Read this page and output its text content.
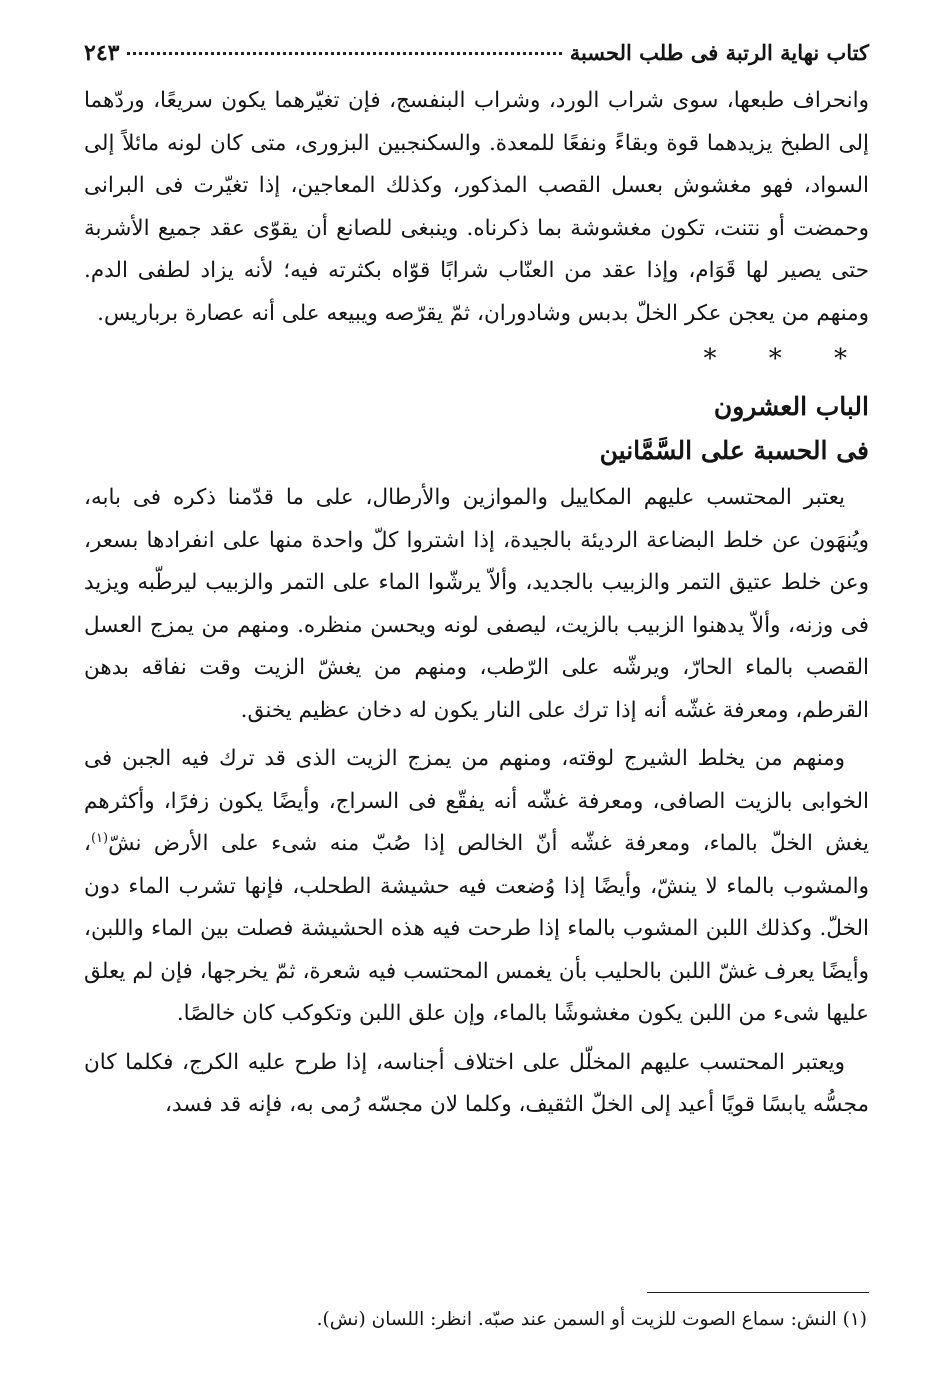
كتاب نهاية الرتبة فى طلب الحسبة
٢٤٣

وانحراف طبعها، سوى شراب الورد، وشراب البنفسج، فإن تغيّرهما يكون سريعًا، وردّهما إلى الطبخ يزيدهما قوة وبقاءً ونفعًا للمعدة. والسكنجبين البزورى، متى كان لونه مائلاً إلى السواد، فهو مغشوش بعسل القصب المذكور، وكذلك المعاجين، إذا تغيّرت فى البرانى وحمضت أو نتنت، تكون مغشوشة بما ذكرناه. وينبغى للصانع أن يقوّى عقد جميع الأشربة حتى يصير لها قَوَام، وإذا عقد من العنّاب شرابًا قوّاه بكثرته فيه؛ لأنه يزاد لطفى الدم. ومنهم من يعجن عكر الخلّ بدبس وشادوران، ثمّ يقرّصه ويبيعه على أنه عصارة برباريس.

* * *
الباب العشرون
فى الحسبة على السَّمَّانين

يعتبر المحتسب عليهم المكاييل والموازين والأرطال، على ما قدّمنا ذكره فى بابه، ويُنهَون عن خلط البضاعة الرديئة بالجيدة، إذا اشتروا كلّ واحدة منها على انفرادها بسعر، وعن خلط عتيق التمر والزبيب بالجديد، وألاّ يرشّوا الماء على التمر والزبيب ليرطّبه ويزيد فى وزنه، وألاّ يدهنوا الزبيب بالزيت، ليصفى لونه ويحسن منظره. ومنهم من يمزج العسل القصب بالماء الحارّ، ويرشّه على الرّطب، ومنهم من يغشّ الزيت وقت نفاقه بدهن القرطم، ومعرفة غشّه أنه إذا ترك على النار يكون له دخان عظيم يخنق.

ومنهم من يخلط الشيرج لوقته، ومنهم من يمزج الزيت الذى قد ترك فيه الجبن فى الخوابى بالزيت الصافى، ومعرفة غشّه أنه يفقّع فى السراج، وأيضًا يكون زفرًا، وأكثرهم يغش الخلّ بالماء، ومعرفة غشّه أنّ الخالص إذا صُبّ منه شىء على الأرض نشّ$^{(١)}$، والمشوب بالماء لا ينشّ، وأيضًا إذا وُضعت فيه حشيشة الطحلب، فإنها تشرب الماء دون الخلّ. وكذلك اللبن المشوب بالماء إذا طرحت فيه هذه الحشيشة فصلت بين الماء واللبن، وأيضًا يعرف غشّ اللبن بالحليب بأن يغمس المحتسب فيه شعرة، ثمّ يخرجها، فإن لم يعلق عليها شىء من اللبن يكون مغشوشًا بالماء، وإن علق اللبن وتكوكب كان خالصًا.

ويعتبر المحتسب عليهم المخلّل على اختلاف أجناسه، إذا طرح عليه الكرج، فكلما كان مجسُّه يابسًا قويًا أعيد إلى الخلّ الثقيف، وكلما لان مجسّه رُمى به، فإنه قد فسد،

(١) النش: سماع الصوت للزيت أو السمن عند صبّه. انظر: اللسان (نش).
